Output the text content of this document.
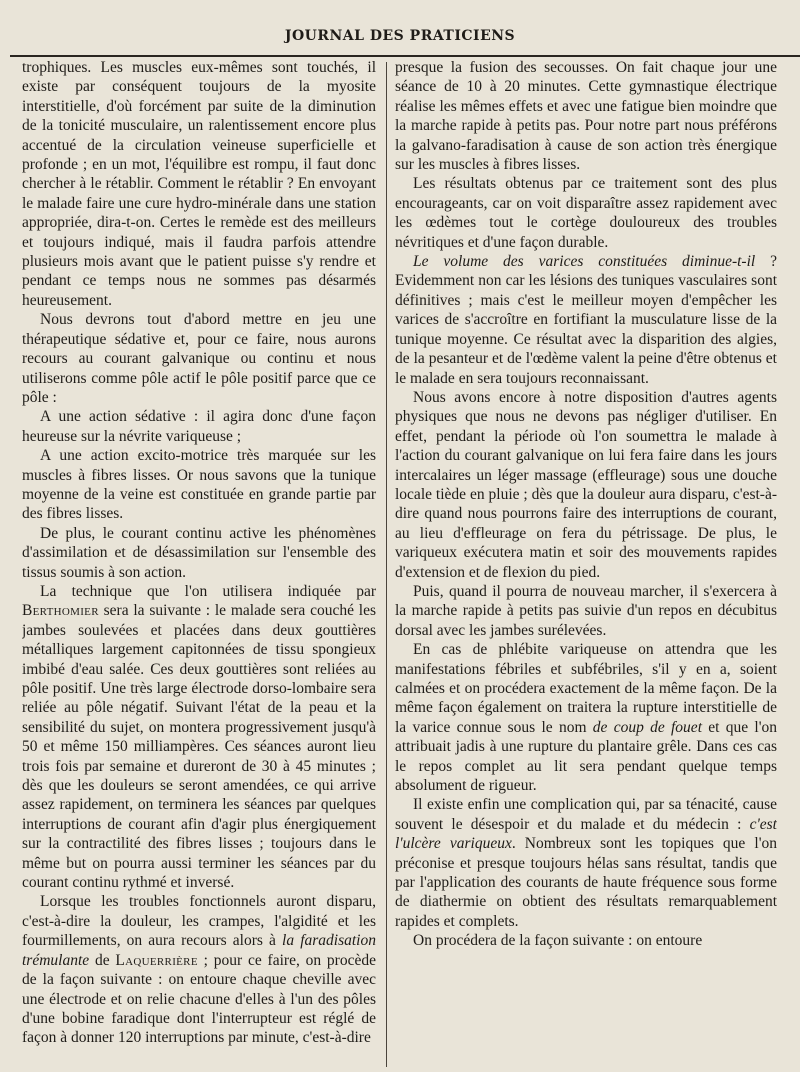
JOURNAL DES PRATICIENS

trophiques. Les muscles eux-mêmes sont touchés, il existe par conséquent toujours de la myosite interstitielle, d'où forcément par suite de la diminution de la tonicité musculaire, un ralentissement encore plus accentué de la circulation veineuse superficielle et profonde ; en un mot, l'équilibre est rompu, il faut donc chercher à le rétablir. Comment le rétablir ? En envoyant le malade faire une cure hydro-minérale dans une station appropriée, dira-t-on. Certes le remède est des meilleurs et toujours indiqué, mais il faudra parfois attendre plusieurs mois avant que le patient puisse s'y rendre et pendant ce temps nous ne sommes pas désarmés heureusement.

Nous devrons tout d'abord mettre en jeu une thérapeutique sédative et, pour ce faire, nous aurons recours au courant galvanique ou continu et nous utiliserons comme pôle actif le pôle positif parce que ce pôle :

A une action sédative : il agira donc d'une façon heureuse sur la névrite variqueuse ;

A une action excito-motrice très marquée sur les muscles à fibres lisses. Or nous savons que la tunique moyenne de la veine est constituée en grande partie par des fibres lisses.

De plus, le courant continu active les phénomènes d'assimilation et de désassimilation sur l'ensemble des tissus soumis à son action.

La technique que l'on utilisera indiquée par Berthomier sera la suivante : le malade sera couché les jambes soulevées et placées dans deux gouttières métalliques largement capitonnées de tissu spongieux imbibé d'eau salée. Ces deux gouttières sont reliées au pôle positif. Une très large électrode dorso-lombaire sera reliée au pôle négatif. Suivant l'état de la peau et la sensibilité du sujet, on montera progressivement jusqu'à 50 et même 150 milliampères. Ces séances auront lieu trois fois par semaine et dureront de 30 à 45 minutes ; dès que les douleurs se seront amendées, ce qui arrive assez rapidement, on terminera les séances par quelques interruptions de courant afin d'agir plus énergiquement sur la contractilité des fibres lisses ; toujours dans le même but on pourra aussi terminer les séances par du courant continu rythmé et inversé.

Lorsque les troubles fonctionnels auront disparu, c'est-à-dire la douleur, les crampes, l'algidité et les fourmillements, on aura recours alors à la faradisation trémulante de Laquerrière ; pour ce faire, on procède de la façon suivante : on entoure chaque cheville avec une électrode et on relie chacune d'elles à l'un des pôles d'une bobine faradique dont l'interrupteur est réglé de façon à donner 120 interruptions par minute, c'est-à-dire

presque la fusion des secousses. On fait chaque jour une séance de 10 à 20 minutes. Cette gymnastique électrique réalise les mêmes effets et avec une fatigue bien moindre que la marche rapide à petits pas. Pour notre part nous préférons la galvano-faradisation à cause de son action très énergique sur les muscles à fibres lisses.

Les résultats obtenus par ce traitement sont des plus encourageants, car on voit disparaître assez rapidement avec les œdèmes tout le cortège douloureux des troubles névritiques et d'une façon durable.

Le volume des varices constituées diminue-t-il ? Evidemment non car les lésions des tuniques vasculaires sont définitives ; mais c'est le meilleur moyen d'empêcher les varices de s'accroître en fortifiant la musculature lisse de la tunique moyenne. Ce résultat avec la disparition des algies, de la pesanteur et de l'œdème valent la peine d'être obtenus et le malade en sera toujours reconnaissant.

Nous avons encore à notre disposition d'autres agents physiques que nous ne devons pas négliger d'utiliser. En effet, pendant la période où l'on soumettra le malade à l'action du courant galvanique on lui fera faire dans les jours intercalaires un léger massage (effleurage) sous une douche locale tiède en pluie ; dès que la douleur aura disparu, c'est-à-dire quand nous pourrons faire des interruptions de courant, au lieu d'effleurage on fera du pétrissage. De plus, le variqueux exécutera matin et soir des mouvements rapides d'extension et de flexion du pied.

Puis, quand il pourra de nouveau marcher, il s'exercera à la marche rapide à petits pas suivie d'un repos en décubitus dorsal avec les jambes surélevées.

En cas de phlébite variqueuse on attendra que les manifestations fébriles et subfébriles, s'il y en a, soient calmées et on procédera exactement de la même façon. De la même façon également on traitera la rupture interstitielle de la varice connue sous le nom de coup de fouet et que l'on attribuait jadis à une rupture du plantaire grêle. Dans ces cas le repos complet au lit sera pendant quelque temps absolument de rigueur.

Il existe enfin une complication qui, par sa ténacité, cause souvent le désespoir et du malade et du médecin : c'est l'ulcère variqueux. Nombreux sont les topiques que l'on préconise et presque toujours hélas sans résultat, tandis que par l'application des courants de haute fréquence sous forme de diathermie on obtient des résultats remarquablement rapides et complets.

On procédera de la façon suivante : on entoure
